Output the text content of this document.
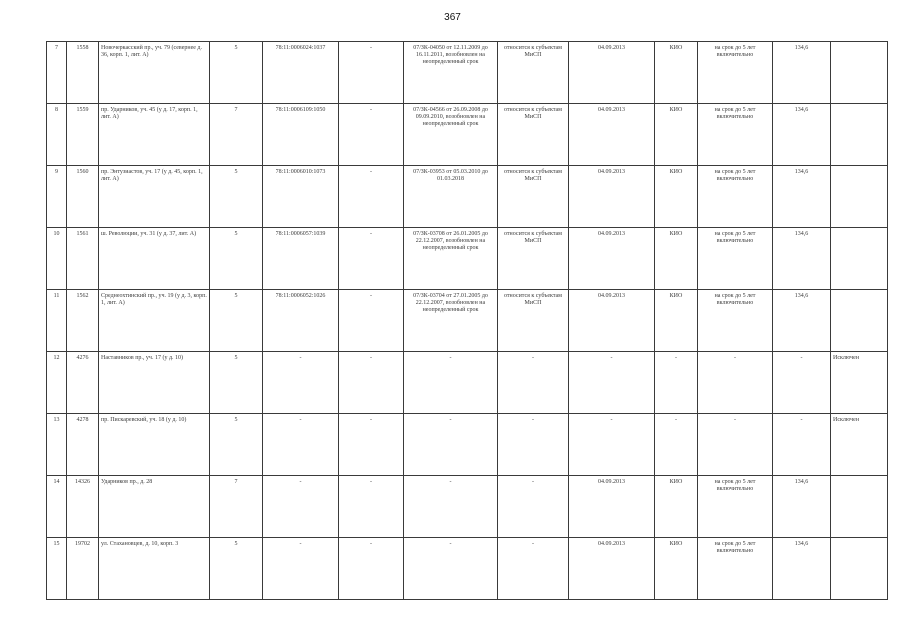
367
7	1558	Новочеркасский пр., уч. 79 (севернее д. 36, корп. 1, лит. А)	5	78:11:0006024:1037	-	07/ЗК-04050 от 12.11.2009 до 16.11.2011, возобновлен на неопределенный срок	относится к субъектам МиСП	04.09.2013	КИО	на срок до 5 лет включительно	134,6	
8	1559	пр. Ударников, уч. 45 (у д. 17, корп. 1, лит. А)	7	78:11:0006109:1050	-	07/ЗК-04566 от 26.09.2008 до 09.09.2010, возобновлен на неопределенный срок	относится к субъектам МиСП	04.09.2013	КИО	на срок до 5 лет включительно	134,6	
9	1560	пр. Энтузиастов, уч. 17 (у д. 45, корп. 1, лит. А)	5	78:11:0006010:1073	-	07/ЗК-03953 от 05.03.2010 до 01.03.2018	относится к субъектам МиСП	04.09.2013	КИО	на срок до 5 лет включительно	134,6	
10	1561	ш. Революции, уч. 31 (у д. 37, лит. А)	5	78:11:0006057:1039	-	07/ЗК-03708 от 26.01.2005 до 22.12.2007, возобновлен на неопределенный срок	относится к субъектам МиСП	04.09.2013	КИО	на срок до 5 лет включительно	134,6	
11	1562	Среднеохтинский пр., уч. 19 (у д. 3, корп. 1, лит. А)	5	78:11:0006052:1026	-	07/ЗК-03704 от 27.01.2005 до 22.12.2007, возобновлен на неопределенный срок	относится к субъектам МиСП	04.09.2013	КИО	на срок до 5 лет включительно	134,6	
12	4276	Наставников пр., уч. 17 (у д. 10)	5	-	-	-	-	-	-	-	-	Исключен
13	4278	пр. Пискаревский, уч. 18 (у д. 10)	5	-	-	-	-	-	-	-	-	Исключен
14	14326	Ударников пр., д. 28	7	-	-	-	-	04.09.2013	КИО	на срок до 5 лет включительно	134,6	
15	19702	ул. Стахановцев, д. 10, корп. 3	5	-	-	-	-	04.09.2013	КИО	на срок до 5 лет включительно	134,6	
